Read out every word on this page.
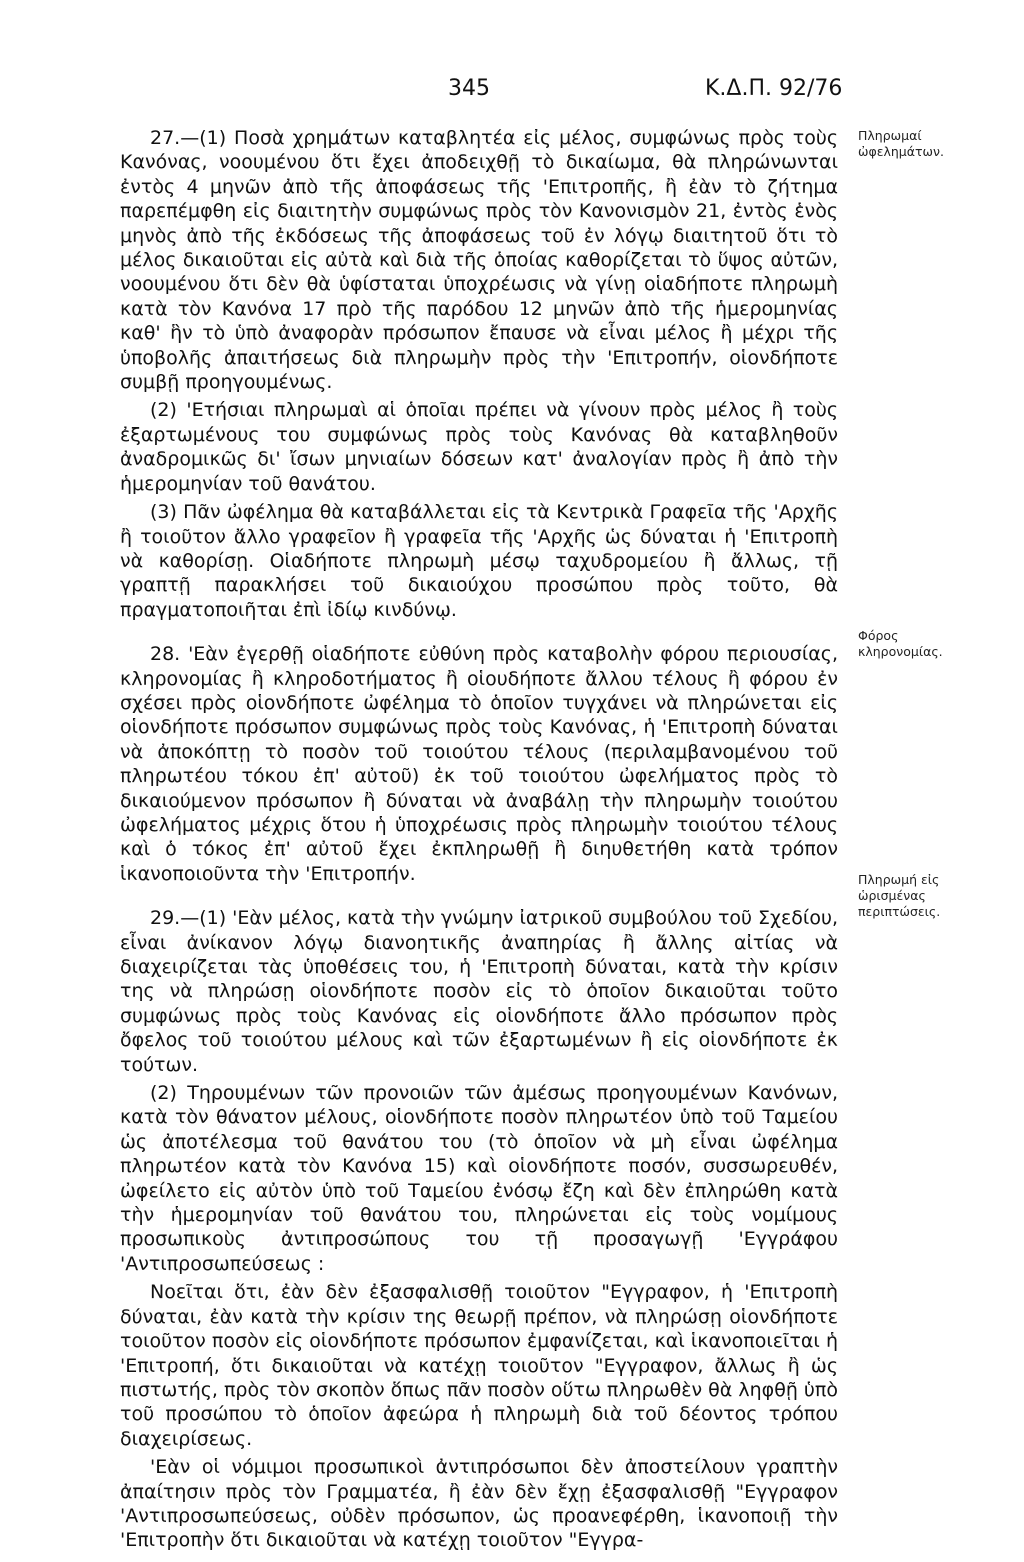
345	Κ.Δ.Π. 92/76

27.—(1) Ποσὰ χρημάτων καταβλητέα εἰς μέλος, συμφώνως πρὸς τοὺς Κανόνας, νοουμένου ὅτι ἔχει ἀποδειχθῇ τὸ δικαίωμα, θὰ πληρώνωνται ἐντὸς 4 μηνῶν ἀπὸ τῆς ἀποφάσεως τῆς 'Επιτροπῆς, ἢ ἐὰν τὸ ζήτημα παρεπέμφθη εἰς διαιτητὴν συμφώνως πρὸς τὸν Κανονισμὸν 21, ἐντὸς ἑνὸς μηνὸς ἀπὸ τῆς ἐκδόσεως τῆς ἀποφάσεως τοῦ ἐν λόγῳ διαιτητοῦ ὅτι τὸ μέλος δικαιοῦται εἰς αὐτὰ καὶ διὰ τῆς ὁποίας καθορίζεται τὸ ὕψος αὐτῶν, νοουμένου ὅτι δὲν θὰ ὑφίσταται ὑποχρέωσις νὰ γίνῃ οἱαδήποτε πληρωμὴ κατὰ τὸν Κανόνα 17 πρὸ τῆς παρόδου 12 μηνῶν ἀπὸ τῆς ἡμερομηνίας καθ' ἣν τὸ ὑπὸ ἀναφορὰν πρόσωπον ἔπαυσε νὰ εἶναι μέλος ἢ μέχρι τῆς ὑποβολῆς ἀπαιτήσεως διὰ πληρωμὴν πρὸς τὴν 'Επιτροπήν, οἱονδήποτε συμβῇ προηγουμένως.

(2) 'Ετήσιαι πληρωμαὶ αἱ ὁποῖαι πρέπει νὰ γίνουν πρὸς μέλος ἢ τοὺς ἐξαρτωμένους του συμφώνως πρὸς τοὺς Κανόνας θὰ καταβληθοῦν ἀναδρομικῶς δι' ἴσων μηνιαίων δόσεων κατ' ἀναλογίαν πρὸς ἢ ἀπὸ τὴν ἡμερομηνίαν τοῦ θανάτου.

(3) Πᾶν ὠφέλημα θὰ καταβάλλεται εἰς τὰ Κεντρικὰ Γραφεῖα τῆς 'Αρχῆς ἢ τοιοῦτον ἄλλο γραφεῖον ἢ γραφεῖα τῆς 'Αρχῆς ὡς δύναται ἡ 'Επιτροπὴ νὰ καθορίσῃ. Οἱαδήποτε πληρωμὴ μέσῳ ταχυδρομείου ἢ ἄλλως, τῇ γραπτῇ παρακλήσει τοῦ δικαιούχου προσώπου πρὸς τοῦτο, θὰ πραγματοποιῆται ἐπὶ ἰδίῳ κινδύνῳ.

28. 'Εὰν ἐγερθῇ οἱαδήποτε εὐθύνη πρὸς καταβολὴν φόρου περιουσίας, κληρονομίας ἢ κληροδοτήματος ἢ οἱουδήποτε ἄλλου τέλους ἢ φόρου ἐν σχέσει πρὸς οἱονδήποτε ὠφέλημα τὸ ὁποῖον τυγχάνει νὰ πληρώνεται εἰς οἱονδήποτε πρόσωπον συμφώνως πρὸς τοὺς Κανόνας, ἡ 'Επιτροπὴ δύναται νὰ ἀποκόπτῃ τὸ ποσὸν τοῦ τοιούτου τέλους (περιλαμβανομένου τοῦ πληρωτέου τόκου ἐπ' αὐτοῦ) ἐκ τοῦ τοιούτου ὠφελήματος πρὸς τὸ δικαιούμενον πρόσωπον ἢ δύναται νὰ ἀναβάλῃ τὴν πληρωμὴν τοιούτου ὠφελήματος μέχρις ὅτου ἡ ὑποχρέωσις πρὸς πληρωμὴν τοιούτου τέλους καὶ ὁ τόκος ἐπ' αὐτοῦ ἔχει ἐκπληρωθῇ ἢ διηυθετήθη κατὰ τρόπον ἱκανοποιοῦντα τὴν 'Επιτροπήν.

29.—(1) 'Εὰν μέλος, κατὰ τὴν γνώμην ἰατρικοῦ συμβούλου τοῦ Σχεδίου, εἶναι ἀνίκανον λόγῳ διανοητικῆς ἀναπηρίας ἢ ἄλλης αἰτίας νὰ διαχειρίζεται τὰς ὑποθέσεις του, ἡ 'Επιτροπὴ δύναται, κατὰ τὴν κρίσιν της νὰ πληρώσῃ οἱονδήποτε ποσὸν εἰς τὸ ὁποῖον δικαιοῦται τοῦτο συμφώνως πρὸς τοὺς Κανόνας εἰς οἱονδήποτε ἄλλο πρόσωπον πρὸς ὄφελος τοῦ τοιούτου μέλους καὶ τῶν ἐξαρτωμένων ἢ εἰς οἱονδήποτε ἐκ τούτων.

(2) Τηρουμένων τῶν προνοιῶν τῶν ἀμέσως προηγουμένων Κανόνων, κατὰ τὸν θάνατον μέλους, οἱονδήποτε ποσὸν πληρωτέον ὑπὸ τοῦ Ταμείου ὡς ἀποτέλεσμα τοῦ θανάτου του (τὸ ὁποῖον νὰ μὴ εἶναι ὠφέλημα πληρωτέον κατὰ τὸν Κανόνα 15) καὶ οἱονδήποτε ποσόν, συσσωρευθέν, ὠφείλετο εἰς αὐτὸν ὑπὸ τοῦ Ταμείου ἐνόσῳ ἔζη καὶ δὲν ἐπληρώθη κατὰ τὴν ἡμερομηνίαν τοῦ θανάτου του, πληρώνεται εἰς τοὺς νομίμους προσωπικοὺς ἀντιπροσώπους του τῇ προσαγωγῇ 'Εγγράφου 'Αντιπροσωπεύσεως :

Νοεῖται ὅτι, ἐὰν δὲν ἐξασφαλισθῇ τοιοῦτον "Εγγραφον, ἡ 'Επιτροπὴ δύναται, ἐὰν κατὰ τὴν κρίσιν της θεωρῇ πρέπον, νὰ πληρώσῃ οἱονδήποτε τοιοῦτον ποσὸν εἰς οἱονδήποτε πρόσωπον ἐμφανίζεται, καὶ ἱκανοποιεῖται ἡ 'Επιτροπή, ὅτι δικαιοῦται νὰ κατέχῃ τοιοῦτον "Εγγραφον, ἄλλως ἢ ὡς πιστωτής, πρὸς τὸν σκοπὸν ὅπως πᾶν ποσὸν οὕτω πληρωθὲν θὰ ληφθῇ ὑπὸ τοῦ προσώπου τὸ ὁποῖον ἀφεώρα ἡ πληρωμὴ διὰ τοῦ δέοντος τρόπου διαχειρίσεως.

'Εὰν οἱ νόμιμοι προσωπικοὶ ἀντιπρόσωποι δὲν ἀποστείλουν γραπτὴν ἀπαίτησιν πρὸς τὸν Γραμματέα, ἢ ἐὰν δὲν ἔχῃ ἐξασφαλισθῇ "Εγγραφον 'Αντιπροσωπεύσεως, οὐδὲν πρόσωπον, ὡς προανεφέρθη, ἱκανοποιῇ τὴν 'Επιτροπὴν ὅτι δικαιοῦται νὰ κατέχῃ τοιοῦτον "Εγγρα-

Πληρωμαί ὠφελημάτων.
Φόρος κληρονομίας.
Πληρωμή εἰς ὡρισμένας περιπτώσεις.
